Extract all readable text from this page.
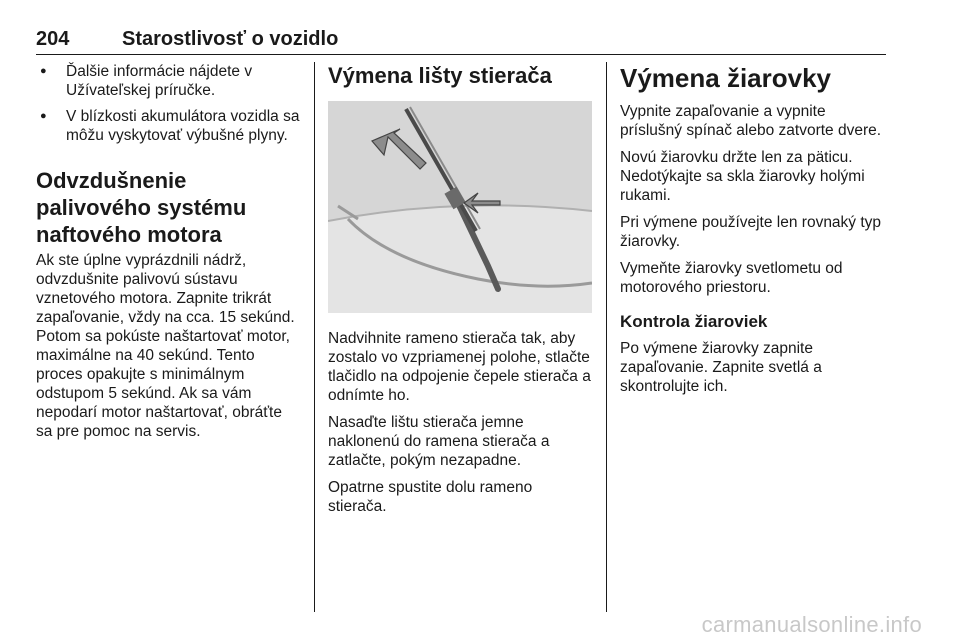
204	Starostlivosť o vozidlo
● Ďalšie informácie nájdete v Užívateľskej príručke.
● V blízkosti akumulátora vozidla sa môžu vyskytovať výbušné plyny.
Odvzdušnenie palivového systému naftového motora

Ak ste úplne vyprázdnili nádrž, odvzdušnite palivovú sústavu vznetového motora. Zapnite trikrát zapaľovanie, vždy na cca. 15 sekúnd. Potom sa pokúste naštartovať motor, maximálne na 40 sekúnd. Tento proces opakujte s minimálnym odstupom 5 sekúnd. Ak sa vám nepodarí motor naštartovať, obráťte sa pre pomoc na servis.

Výmena lišty stierača

Nadvihnite rameno stierača tak, aby zostalo vo vzpriamenej polohe, stlačte tlačidlo na odpojenie čepele stierača a odnímte ho.

Nasaďte lištu stierača jemne naklonenú do ramena stierača a zatlačte, pokým nezapadne.

Opatrne spustite dolu rameno stierača.

Výmena žiarovky

Vypnite zapaľovanie a vypnite príslušný spínač alebo zatvorte dvere.

Novú žiarovku držte len za päticu. Nedotýkajte sa skla žiarovky holými rukami.

Pri výmene používejte len rovnaký typ žiarovky.

Vymeňte žiarovky svetlometu od motorového priestoru.

Kontrola žiaroviek

Po výmene žiarovky zapnite zapaľovanie. Zapnite svetlá a skontrolujte ich.

carmanualsonline.info
